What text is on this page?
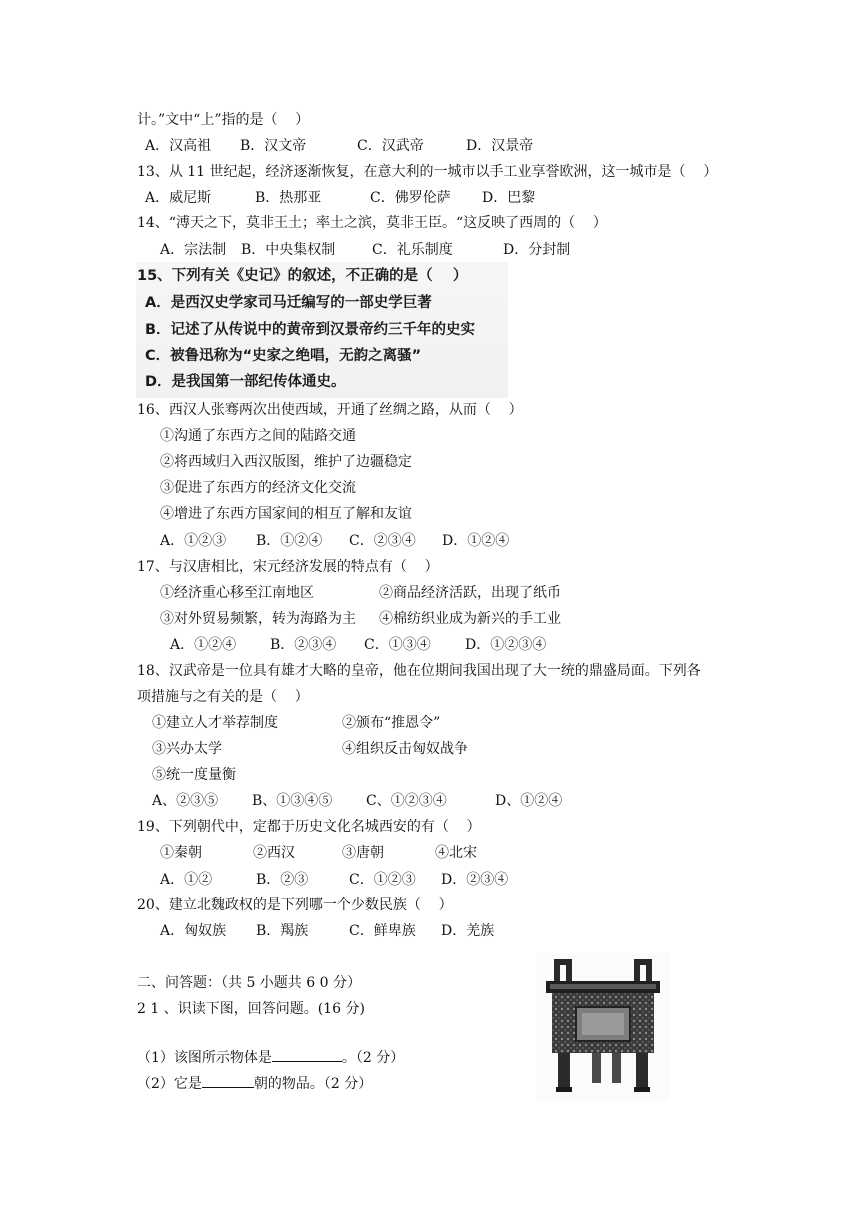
计。”文中“上”指的是（    ）
A．汉高祖 B．汉文帝	C．汉武帝	D．汉景帝
13、从 11 世纪起，经济逐渐恢复，在意大利的一城市以手工业享誉欧洲，这一城市是（    ）
A．威尼斯	B．热那亚	C．佛罗伦萨 D．巴黎
14、“溥天之下，莫非王土；率土之滨，莫非王臣。“这反映了西周的（    ）
A．宗法制 B．中央集权制	C．礼乐制度	D．分封制
15、下列有关《史记》的叙述，不正确的是（    ）
A．是西汉史学家司马迁编写的一部史学巨著
B．记述了从传说中的黄帝到汉景帝约三千年的史实
C．被鲁迅称为“史家之绝唱，无韵之离骚”
D．是我国第一部纪传体通史。
16、西汉人张骞两次出使西域，开通了丝绸之路，从而（    ）
①沟通了东西方之间的陆路交通
②将西域归入西汉版图，维护了边疆稳定
③促进了东西方的经济文化交流
④增进了东西方国家间的相互了解和友谊
A．①②③ B．①②④ C．②③④ D．①②④
17、与汉唐相比，宋元经济发展的特点有（    ）
①经济重心移至江南地区	②商品经济活跃，出现了纸币
③对外贸易频繁，转为海路为主 ④棉纺织业成为新兴的手工业
A．①②④ B．②③④ C．①③④ D．①②③④
18、汉武帝是一位具有雄才大略的皇帝，他在位期间我国出现了大一统的鼎盛局面。下列各
项措施与之有关的是（    ）
①建立人才举荐制度	②颁布“推恩令”
③兴办太学	④组织反击匈奴战争
⑤统一度量衡
A、②③⑤ B、①③④⑤ C、①②③④	D、①②④
19、下列朝代中，定都于历史文化名城西安的有（    ）
①秦朝	②西汉	③唐朝	④北宋
A．①②	B．②③	C．①②③ D．②③④
20、建立北魏政权的是下列哪一个少数民族（    ）
A．匈奴族 B．羯族	C．鲜卑族 D．羌族
二、问答题：（共 5 小题共 6 0 分）
2 1 、识读下图，回答问题。(16 分)
（1）该图所示物体是	。（2 分）
（2）它是	朝的物品。（2 分）
